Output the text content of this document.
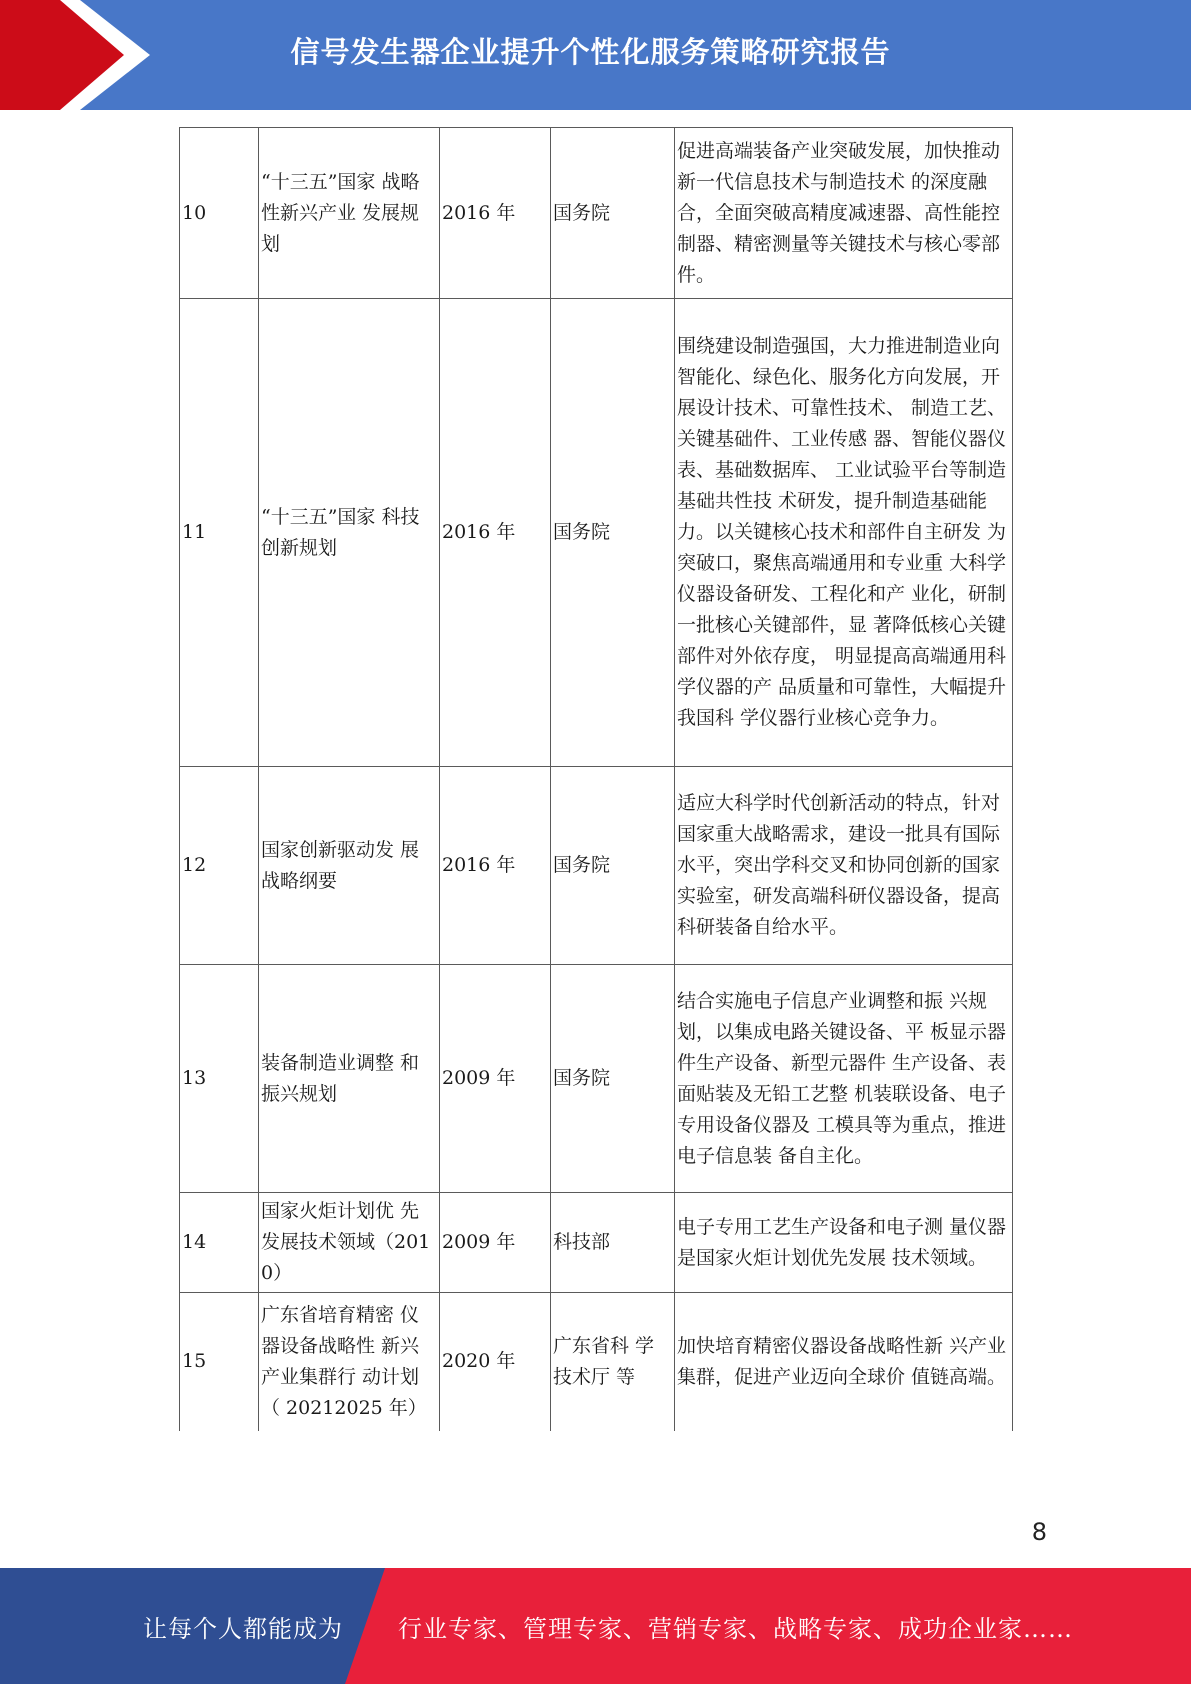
信号发生器企业提升个性化服务策略研究报告
10	“十三五”国家 战略性新兴产业 发展规划	2016 年	国务院	促进高端装备产业突破发展，加快推动新一代信息技术与制造技术 的深度融合，全面突破高精度减速器、高性能控制器、精密测量等关键技术与核心零部件。
11	“十三五”国家 科技创新规划	2016 年	国务院	围绕建设制造强国，大力推进制造业向智能化、绿色化、服务化方向发展，开展设计技术、可靠性技术、 制造工艺、关键基础件、工业传感 器、智能仪器仪表、基础数据库、 工业试验平台等制造基础共性技 术研发，提升制造基础能力。以关键核心技术和部件自主研发 为突破口，聚焦高端通用和专业重 大科学仪器设备研发、工程化和产 业化，研制一批核心关键部件，显 著降低核心关键部件对外依存度， 明显提高高端通用科学仪器的产 品质量和可靠性，大幅提升我国科 学仪器行业核心竞争力。
12	国家创新驱动发 展战略纲要	2016 年	国务院	适应大科学时代创新活动的特点，针对国家重大战略需求，建设一批具有国际水平，突出学科交叉和协同创新的国家实验室，研发高端科研仪器设备，提高科研装备自给水平。
13	装备制造业调整 和振兴规划	2009 年	国务院	结合实施电子信息产业调整和振 兴规划，以集成电路关键设备、平 板显示器件生产设备、新型元器件 生产设备、表面贴装及无铅工艺整 机装联设备、电子专用设备仪器及 工模具等为重点，推进电子信息装 备自主化。
14	国家火炬计划优 先发展技术领域（2010）	2009 年	科技部	电子专用工艺生产设备和电子测 量仪器是国家火炬计划优先发展 技术领域。
15	广东省培育精密 仪器设备战略性 新兴产业集群行 动计划（ 20212025 年）	2020 年	广东省科 学技术厅 等	加快培育精密仪器设备战略性新 兴产业集群，促进产业迈向全球价 值链高端。
8
让每个人都能成为 行业专家、管理专家、营销专家、战略专家、成功企业家……
